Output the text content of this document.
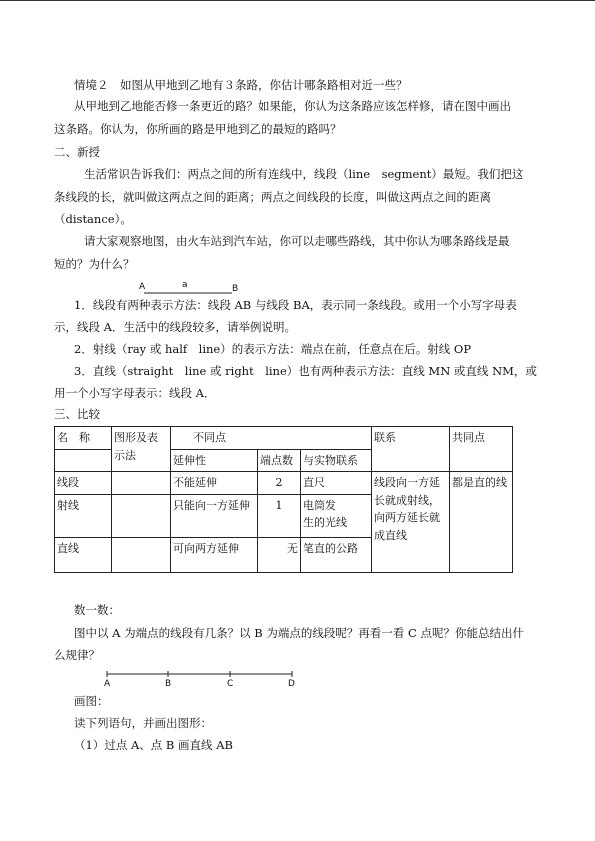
情境２　如图从甲地到乙地有３条路，你估计哪条路相对近一些？
从甲地到乙地能否修一条更近的路？如果能，你认为这条路应该怎样修，请在图中画出
这条路。你认为，你所画的路是甲地到乙的最短的路吗？
二、新授
生活常识告诉我们：两点之间的所有连线中，线段（line　segment）最短。我们把这
条线段的长，就叫做这两点之间的距离；两点之间线段的长度，叫做这两点之间的距离
（distance）。
请大家观察地图，由火车站到汽车站，你可以走哪些路线，其中你认为哪条路线是最
短的？为什么？
A	a	B
1．线段有两种表示方法：线段 AB 与线段 BA，表示同一条线段。或用一个小写字母表
示，线段 A．生活中的线段较多，请举例说明。
2．射线（ray 或 half　line）的表示方法：端点在前，任意点在后。射线 OP
3．直线（straight　line 或 right　line）也有两种表示方法：直线 MN 或直线 NM，或
用一个小写字母表示：线段 A．
三、比较
名　称	图形及表
示法	不同点			联系	共同点
		延伸性	端点数	与实物联系		
线段		不能延伸	2	直尺	线段向一方延
长就成射线，
向两方延长就
成直线	都是直的线
射线		只能向一方延伸	1	电筒发
生的光线		

直线		可向两方延伸	无	笔直的公路		
数一数：
图中以 A 为端点的线段有几条？以 B 为端点的线段呢？再看一看 C 点呢？你能总结出什
么规律？
A	B	C	D
画图：
读下列语句，并画出图形：
（1）过点 A、点 B 画直线 AB
